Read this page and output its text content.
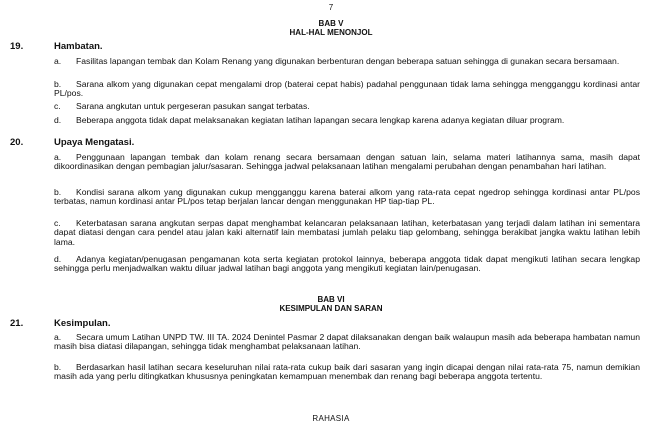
7
BAB V
HAL-HAL MENONJOL
19.	Hambatan.
a. Fasilitas lapangan tembak dan Kolam Renang yang digunakan berbenturan dengan beberapa satuan sehingga di gunakan secara bersamaan.
b. Sarana alkom yang digunakan cepat mengalami drop (baterai cepat habis) padahal penggunaan tidak lama sehingga mengganggu kordinasi antar PL/pos.
c. Sarana angkutan untuk pergeseran pasukan sangat terbatas.
d. Beberapa anggota tidak dapat melaksanakan kegiatan latihan lapangan secara lengkap karena adanya kegiatan diluar program.
20.	Upaya Mengatasi.
a. Penggunaan lapangan tembak dan kolam renang secara bersamaan dengan satuan lain, selama materi latihannya sama, masih dapat dikoordinasikan dengan pembagian jalur/sasaran. Sehingga jadwal pelaksanaan latihan mengalami perubahan dengan penambahan hari latihan.
b. Kondisi sarana alkom yang digunakan cukup mengganggu karena baterai alkom yang rata-rata cepat ngedrop sehingga kordinasi antar PL/pos terbatas, namun kordinasi antar PL/pos tetap berjalan lancar dengan menggunakan HP tiap-tiap PL.
c. Keterbatasan sarana angkutan serpas dapat menghambat kelancaran pelaksanaan latihan, keterbatasan yang terjadi dalam latihan ini sementara dapat diatasi dengan cara pendel atau jalan kaki alternatif lain membatasi jumlah pelaku tiap gelombang, sehingga berakibat jangka waktu latihan lebih lama.
d. Adanya kegiatan/penugasan pengamanan kota serta kegiatan protokol lainnya, beberapa anggota tidak dapat mengikuti latihan secara lengkap sehingga perlu menjadwalkan waktu diluar jadwal latihan bagi anggota yang mengikuti kegiatan lain/penugasan.
BAB VI
KESIMPULAN DAN SARAN
21.	Kesimpulan.
a. Secara umum Latihan UNPD TW. III TA. 2024 Denintel Pasmar 2 dapat dilaksanakan dengan baik walaupun masih ada beberapa hambatan namun masih bisa diatasi dilapangan, sehingga tidak menghambat pelaksanaan latihan.
b. Berdasarkan hasil latihan secara keseluruhan nilai rata-rata cukup baik dari sasaran yang ingin dicapai dengan nilai rata-rata 75, namun demikian masih ada yang perlu ditingkatkan khususnya peningkatan kemampuan menembak dan renang bagi beberapa anggota tertentu.
RAHASIA
